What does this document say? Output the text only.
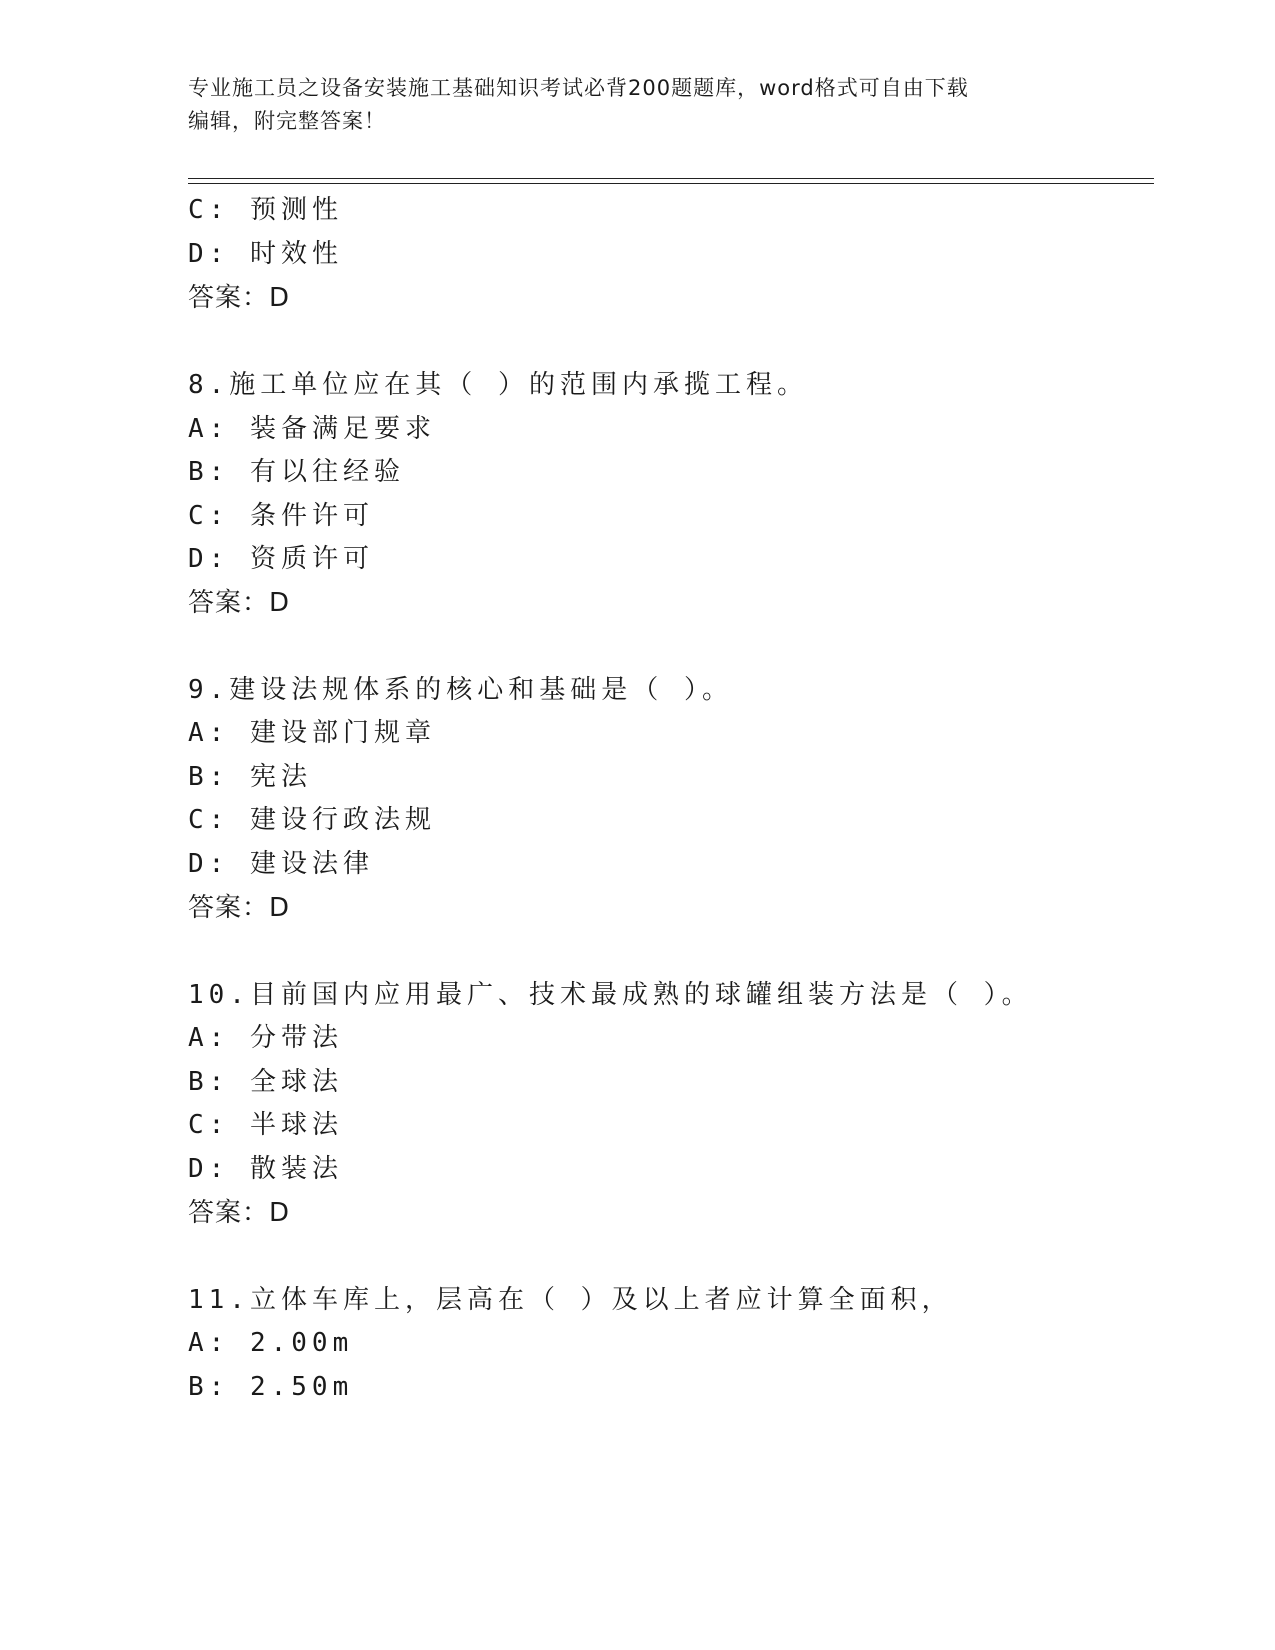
专业施工员之设备安装施工基础知识考试必背200题题库，word格式可自由下载
编辑，附完整答案！
C: 预测性
D: 时效性
答案：D
8.施工单位应在其（ ）的范围内承揽工程。
A: 装备满足要求
B: 有以往经验
C: 条件许可
D: 资质许可
答案：D
9.建设法规体系的核心和基础是（ ）。
A: 建设部门规章
B: 宪法
C: 建设行政法规
D: 建设法律
答案：D
10.目前国内应用最广、技术最成熟的球罐组装方法是（ ）。
A: 分带法
B: 全球法
C: 半球法
D: 散装法
答案：D
11.立体车库上，层高在（ ）及以上者应计算全面积，
A: 2.00m
B: 2.50m
